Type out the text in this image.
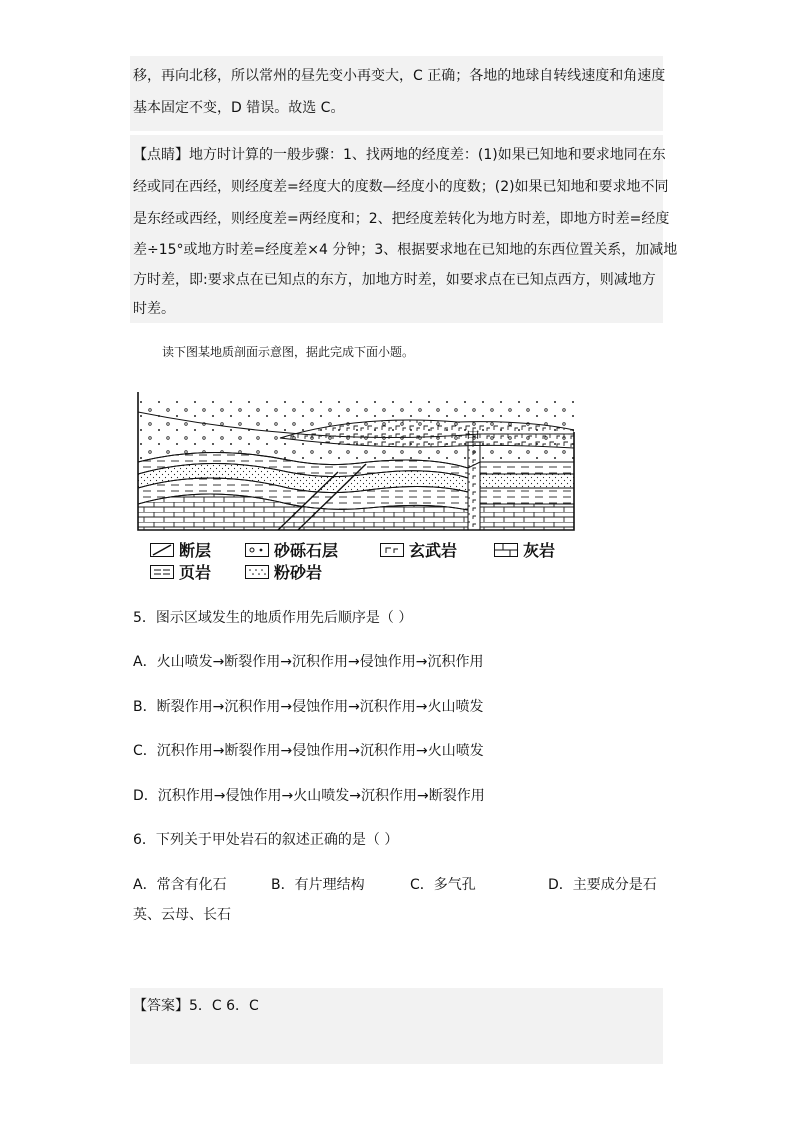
移，再向北移，所以常州的昼先变小再变大，C 正确；各地的地球自转线速度和角速度
基本固定不变，D 错误。故选 C。
【点睛】地方时计算的一般步骤：1、找两地的经度差：(1)如果已知地和要求地同在东
经或同在西经，则经度差=经度大的度数—经度小的度数；(2)如果已知地和要求地不同
是东经或西经，则经度差=两经度和；2、把经度差转化为地方时差，即地方时差=经度
差÷15°或地方时差=经度差×4 分钟；3、根据要求地在已知地的东西位置关系，加减地
方时差，即:要求点在已知点的东方，加地方时差，如要求点在已知点西方，则减地方
时差。
读下图某地质剖面示意图，据此完成下面小题。
甲
断层	砂砾石层	玄武岩	灰岩
页岩	粉砂岩
5．图示区域发生的地质作用先后顺序是（ ）
A．火山喷发→断裂作用→沉积作用→侵蚀作用→沉积作用
B．断裂作用→沉积作用→侵蚀作用→沉积作用→火山喷发
C．沉积作用→断裂作用→侵蚀作用→沉积作用→火山喷发
D．沉积作用→侵蚀作用→火山喷发→沉积作用→断裂作用
6．下列关于甲处岩石的叙述正确的是（ ）
A．常含有化石	B．有片理结构	C．多气孔	D．主要成分是石
英、云母、长石
【答案】5．C 6．C
